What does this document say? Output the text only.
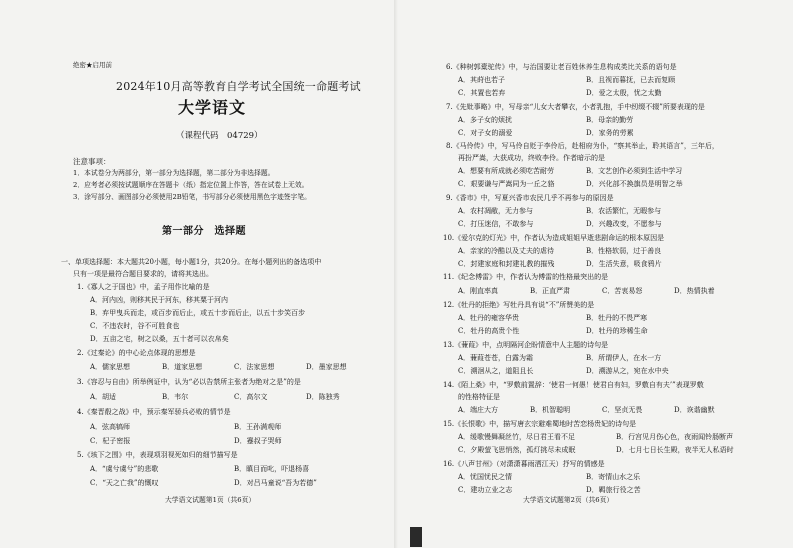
绝密★启用前
2024年10月高等教育自学考试全国统一命题考试
大学语文
（课程代码　04729）
注意事项：
1．本试卷分为两部分，第一部分为选择题，第二部分为非选择题。
2．应考者必须按试题顺序在答题卡（纸）指定位置上作答，答在试卷上无效。
3．涂写部分、画图部分必须使用2B铅笔，书写部分必须使用黑色字迹签字笔。
第一部分　选择题
一、单项选择题：本大题共20小题，每小题1分，共20分。在每小题列出的备选项中
只有一项是最符合题目要求的，请将其选出。
1.《寡人之于国也》中，孟子用作比喻的是
A．河内凶，则移其民于河东，移其粟于河内
B．弃甲曳兵而走，或百步而后止，或五十步而后止，以五十步笑百步
C．不违农时，谷不可胜食也
D．五亩之宅，树之以桑，五十者可以衣帛矣
2.《过秦论》的中心论点体现的思想是
A．儒家思想	B．道家思想	C．法家思想	D．墨家思想
3.《容忍与自由》所举例证中，认为“必以告禁所主张者为绝对之是”的是
A．胡适	B．韦尔	C．高尔文	D．陈独秀
4.《秦晋殽之战》中，预示秦军骄兵必败的情节是
A．弦高犒师	B．王孙满观师
C．杞子密报	D．蹇叔子哭师
5.《垓下之围》中，表现项羽视死如归的细节描写是
A．“虞兮虞兮”的悲歌	B．瞋目而叱，吓退杨喜
C．“天之亡我”的慨叹	D．对吕马童说“吾为若德”
大学语文试题第1页（共6页）
6.《种树郭橐驼传》中，与治国要让老百姓休养生息构成类比关系的语句是
A．其莳也若子	B．且视而暮抚，已去而复顾
C．其置也若弃	D．爱之太殷，忧之太勤
7.《先妣事略》中，写母亲“儿女大者攀衣，小者乳抱，手中纫缀不辍”所要表现的是
A．多子女的烦扰	B．母亲的勤劳
C．对子女的溺爱	D．家务的劳累
8.《马伶传》中，写马伶自贬于李伶后，赴相府为仆，“察其举止，聆其语言”，三年后，
再扮严嵩，大获成功，终败李伶。作者暗示的是
A．想要有所成就必须吃苦耐劳	B．文艺创作必须到生活中学习
C．艰要谦与严嵩同为一丘之貉	D．兴化部不换旗员是明智之举
9.《香市》中，写夏兴香市农民几乎不再参与的原因是
A．农村凋敝，无力参与	B．农活繁忙，无暇参与
C．打压迷信，不敢参与	D．兴趣改变，不愿参与
10.《爱尔克的灯光》中，作者认为造成姐姐早逝悲剧命运的根本原因是
A．亲家的冷酷以及丈夫的虐待	B．性格软弱，过于善良
C．封建家庭和封建礼教的摧残	D．生活失意，吸食鸦片
11.《纪念傅雷》中，作者认为傅雷的性格最突出的是
A．刚直率真	B．正直严肃	C．苦衷易怒	D．热情执着
12.《牡丹的拒绝》写牡丹具有说“不”所赞美的是
A．牡丹的雍容华贵	B．牡丹的不畏严寒
C．牡丹的高贵个性	D．牡丹的珍稀生命
13.《蒹葭》中，点明隔河企盼情意中人主题的诗句是
A．蒹葭苍苍，白露为霜	B．所谓伊人，在水一方
C．溯洄从之，道阻且长	D．溯游从之，宛在水中央
14.《陌上桑》中，“罗敷前置辞：‘使君一何愚！使君自有妇，罗敷自有夫’”表现罗敷
的性格特征是
A．端庄大方	B．机智聪明	C．坚贞无畏	D．诙谐幽默
15.《长恨歌》中，描写唐玄宗避难蜀地时苦恋杨贵妃的诗句是
A．缓歌慢舞凝丝竹，尽日君王看不足	B．行宫见月伤心色，夜雨闻铃肠断声
C．夕殿萤飞思悄然，孤灯挑尽未成眠	D．七月七日长生殿，夜半无人私语时
16.《八声甘州》（对潇潇暮雨洒江天）抒写的情感是
A．忧国忧民之情	B．寄情山水之乐
C．建功立业之志	D．羁旅行役之苦
大学语文试题第2页（共6页）
